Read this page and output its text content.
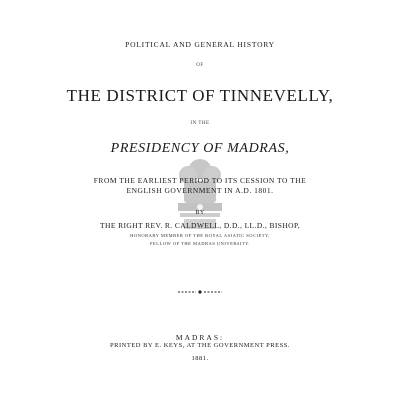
POLITICAL AND GENERAL HISTORY
OF
THE DISTRICT OF TINNEVELLY,
IN THE
PRESIDENCY OF MADRAS,
FROM THE EARLIEST PERIOD TO ITS CESSION TO THE
ENGLISH GOVERNMENT IN A.D. 1801.
BY
THE RIGHT REV. R. CALDWELL, D.D., LL.D., BISHOP,
HONORARY MEMBER OF THE ROYAL ASIATIC SOCIETY,
FELLOW OF THE MADRAS UNIVERSITY.
MADRAS:
PRINTED BY E. KEYS, AT THE GOVERNMENT PRESS.
1881.
